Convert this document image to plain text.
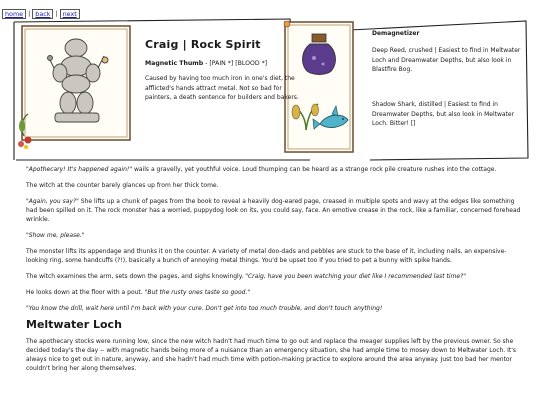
home | back | next
Craig | Rock Spirit
Magnetic Thumb - [PAIN *] [BLOOD *]
Caused by having too much iron in one's diet, the afflicted's hands attract metal. Not so bad for painters, a death sentence for builders and bakers.
Demagnetizer
Deep Reed, crushed | Easiest to find in Meltwater Loch and Dreamwater Depths, but also look in Blastfire Bog.
Shadow Shark, distilled | Easiest to find in Dreamwater Depths, but also look in Meltwater Loch. Bitter! []

"Apothecary! It's happened again!" wails a gravelly, yet youthful voice. Loud thumping can be heard as a strange rock pile creature rushes into the cottage.

The witch at the counter barely glances up from her thick tome.

"Again, you say?" She lifts up a chunk of pages from the book to reveal a heavily dog-eared page, creased in multiple spots and wavy at the edges like something had been spilled on it. The rock monster has a worried, puppydog look on its, you could say, face. An emotive crease in the rock, like a familiar, concerned forehead wrinkle.

"Show me, please."

The monster lifts its appendage and thunks it on the counter. A variety of metal doo-dads and pebbles are stuck to the base of it, including nails, an expensive-looking ring, some handcuffs (?!), basically a bunch of annoying metal things. You'd be upset too if you tried to pet a bunny with spike hands.

The witch examines the arm, sets down the pages, and sighs knowingly. "Craig, have you been watching your diet like I recommended last time?"

He looks down at the floor with a pout. "But the rusty ones taste so good."

"You know the drill, wait here until I'm back with your cure. Don't get into too much trouble, and don't touch anything!

Meltwater Loch

The apothecary stocks were running low, since the new witch hadn't had much time to go out and replace the meager supplies left by the previous owner. So she decided today's the day -- with magnetic hands being more of a nuisance than an emergency situation, she had ample time to mosey down to Meltwater Loch. It's always nice to get out in nature, anyway, and she hadn't had much time with potion-making practice to explore around the area anyway. Just too bad her mentor couldn't bring her along themselves.
